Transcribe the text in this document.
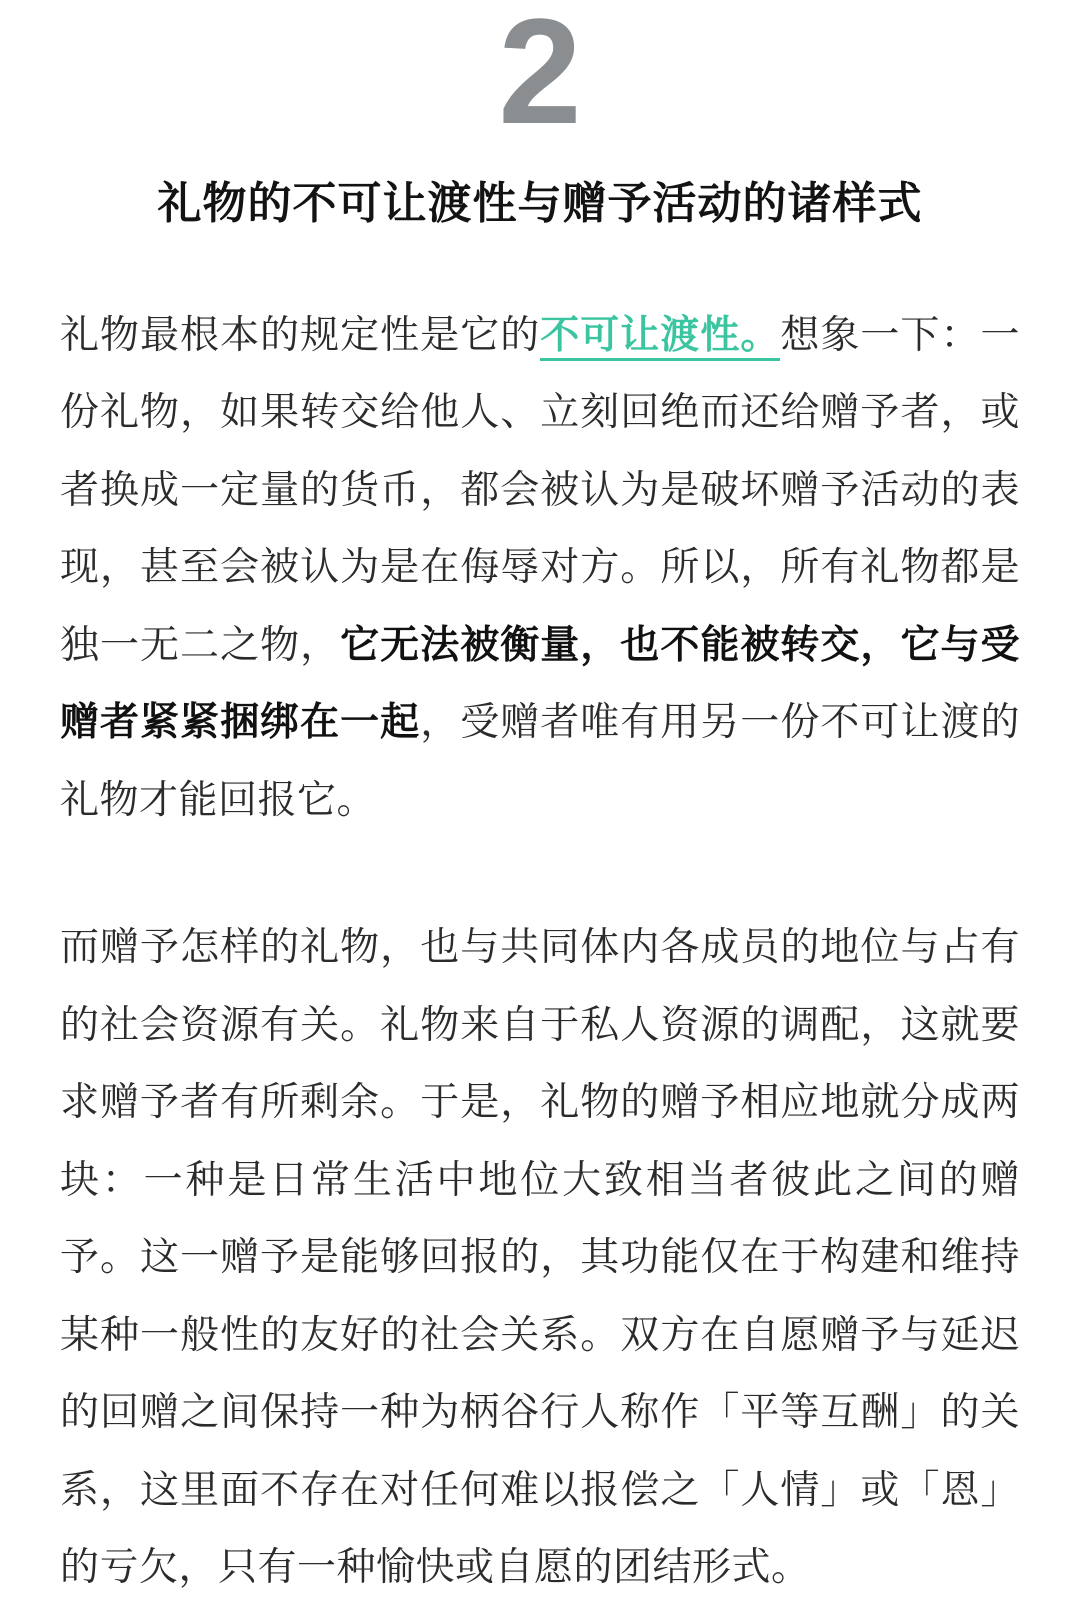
2
礼物的不可让渡性与赠予活动的诸样式
礼物最根本的规定性是它的不可让渡性。想象一下：一份礼物，如果转交给他人、立刻回绝而还给赠予者，或者换成一定量的货币，都会被认为是破坏赠予活动的表现，甚至会被认为是在侮辱对方。所以，所有礼物都是独一无二之物，它无法被衡量，也不能被转交，它与受赠者紧紧捆绑在一起，受赠者唯有用另一份不可让渡的礼物才能回报它。
而赠予怎样的礼物，也与共同体内各成员的地位与占有的社会资源有关。礼物来自于私人资源的调配，这就要求赠予者有所剩余。于是，礼物的赠予相应地就分成两块：一种是日常生活中地位大致相当者彼此之间的赠予。这一赠予是能够回报的，其功能仅在于构建和维持某种一般性的友好的社会关系。双方在自愿赠予与延迟的回赠之间保持一种为柄谷行人称作「平等互酬」的关系，这里面不存在对任何难以报偿之「人情」或「恩」的亏欠，只有一种愉快或自愿的团结形式。
